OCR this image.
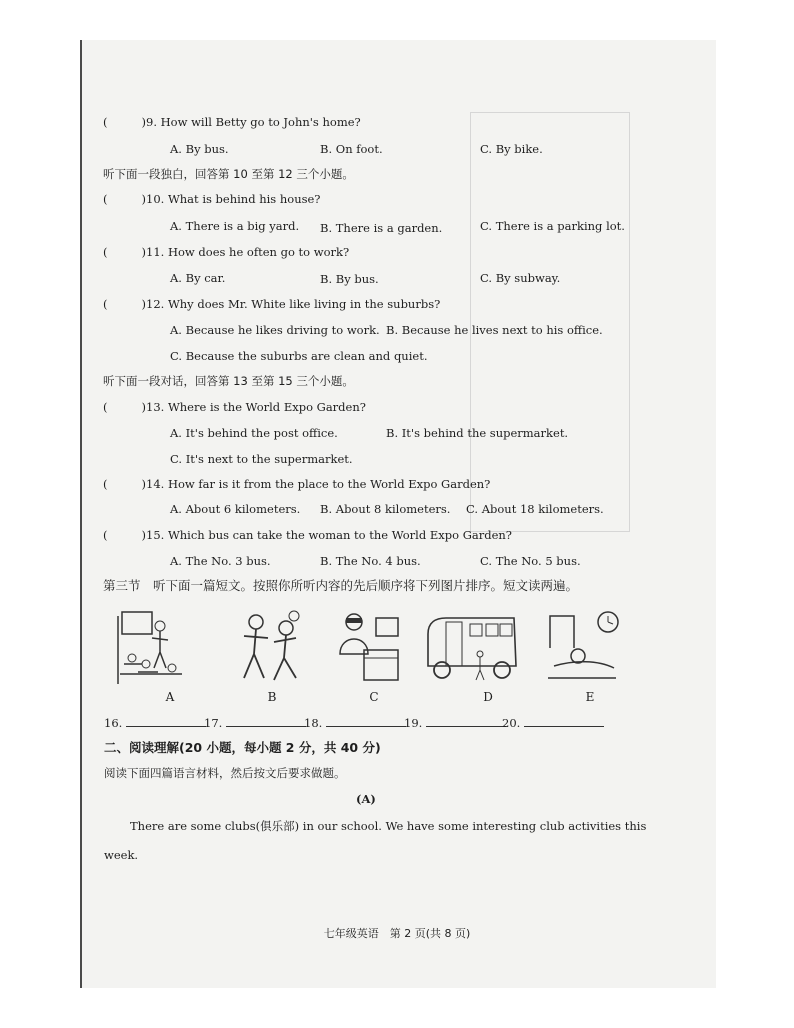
(	)9. How will Betty go to John's home?
A. By bus.	B. On foot.	C. By bike.
听下面一段独白，回答第 10 至第 12 三个小题。
(	)10. What is behind his house?
A. There is a big yard. B. There is a garden.	C. There is a parking lot.
(	)11. How does he often go to work?
A. By car.	B. By bus.	C. By subway.
(	)12. Why does Mr. White like living in the suburbs?
A. Because he likes driving to work. B. Because he lives next to his office.
C. Because the suburbs are clean and quiet.
听下面一段对话，回答第 13 至第 15 三个小题。
(	)13. Where is the World Expo Garden?
A. It's behind the post office.	B. It's behind the supermarket.
C. It's next to the supermarket.
(	)14. How far is it from the place to the World Expo Garden?
A. About 6 kilometers. B. About 8 kilometers. C. About 18 kilometers.
(	)15. Which bus can take the woman to the World Expo Garden?
A. The No. 3 bus.	B. The No. 4 bus.	C. The No. 5 bus.
第三节　听下面一篇短文。按照你所听内容的先后顺序将下列图片排序。短文读两遍。
A	B	C	D	E
16.	17.	18.	19.	20.
二、阅读理解(20 小题，每小题 2 分，共 40 分)
阅读下面四篇语言材料，然后按文后要求做题。
(A)
There are some clubs(俱乐部) in our school. We have some interesting club activities this
week.
七年级英语　第 2 页(共 8 页)
